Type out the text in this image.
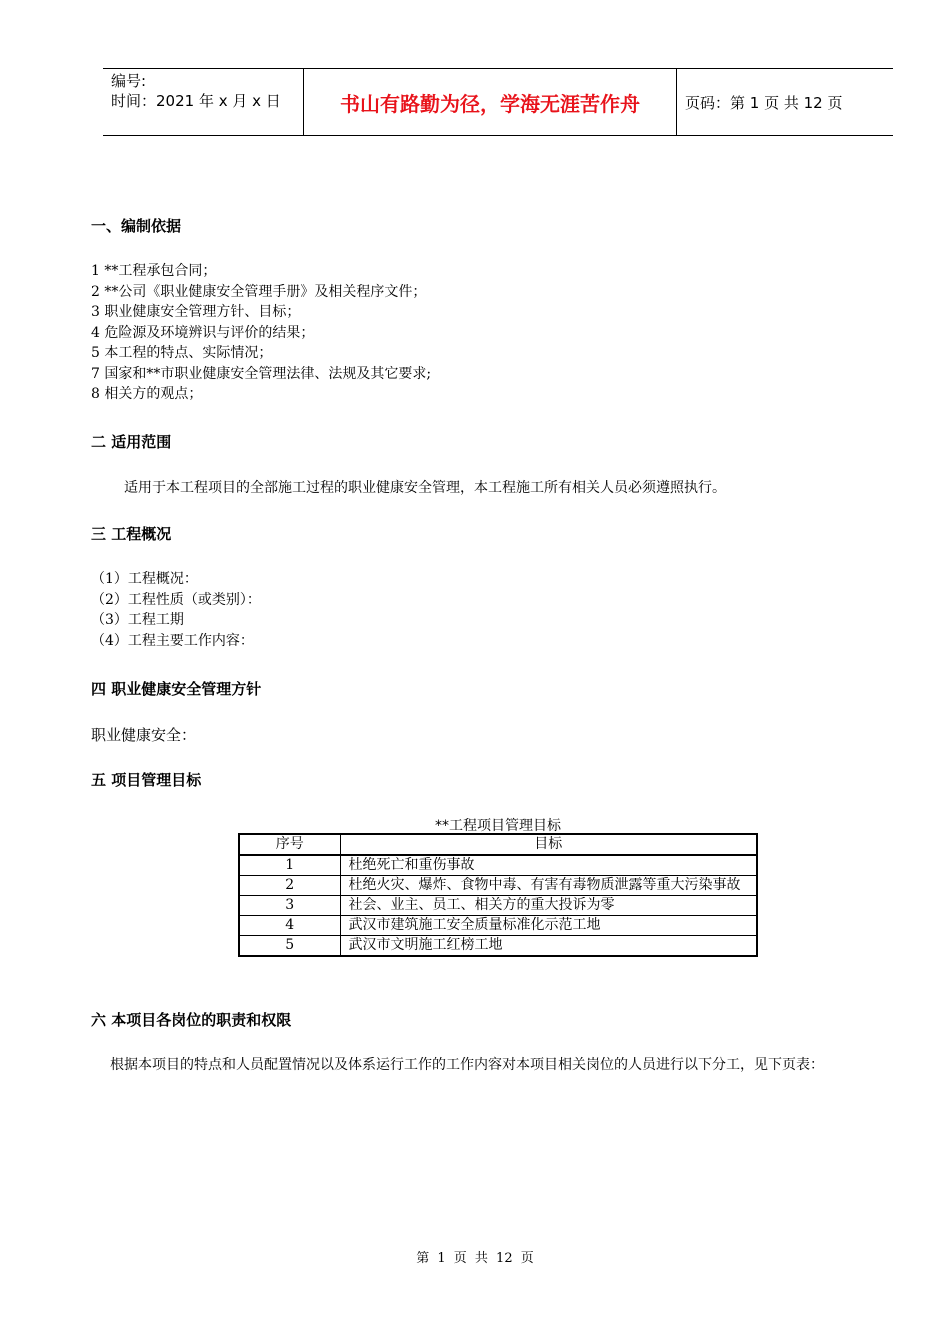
编号:
时间：2021 年 x 月 x 日	书山有路勤为径，学海无涯苦作舟	页码：第 1 页 共 12 页
一、编制依据
1 **工程承包合同；
2 **公司《职业健康安全管理手册》及相关程序文件；
3 职业健康安全管理方针、目标；
4 危险源及环境辨识与评价的结果；
5 本工程的特点、实际情况；
7 国家和**市职业健康安全管理法律、法规及其它要求;
8 相关方的观点；
二 适用范围
适用于本工程项目的全部施工过程的职业健康安全管理，本工程施工所有相关人员必须遵照执行。
三 工程概况
（1）工程概况：
（2）工程性质（或类别）：
（3）工程工期
（4）工程主要工作内容：
四 职业健康安全管理方针
职业健康安全：
五 项目管理目标
**工程项目管理目标
序号	目标
1	杜绝死亡和重伤事故
2	杜绝火灾、爆炸、食物中毒、有害有毒物质泄露等重大污染事故
3	社会、业主、员工、相关方的重大投诉为零
4	武汉市建筑施工安全质量标准化示范工地
5	武汉市文明施工红榜工地
六 本项目各岗位的职责和权限
根据本项目的特点和人员配置情况以及体系运行工作的工作内容对本项目相关岗位的人员进行以下分工，见下页表：
第 1 页 共 12 页
